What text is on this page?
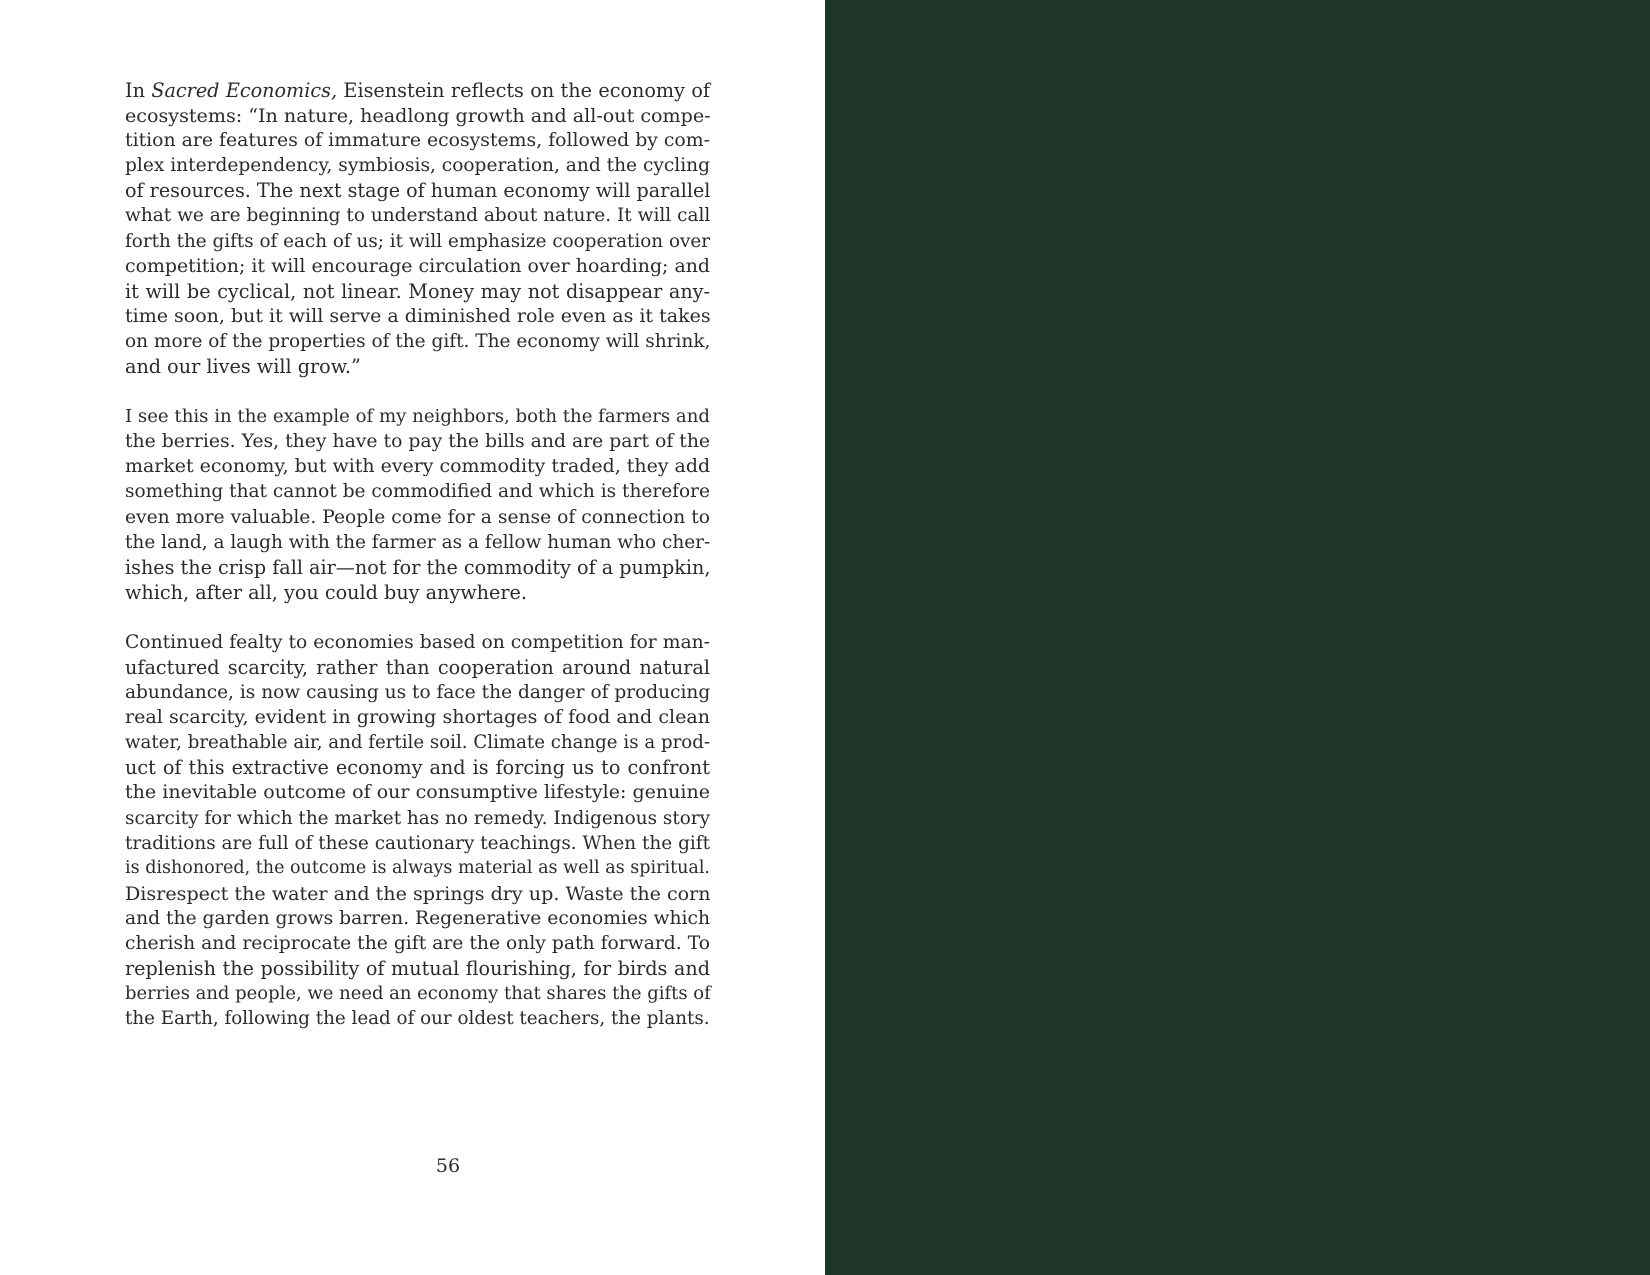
In Sacred Economics, Eisenstein reflects on the economy of
ecosystems: “In nature, headlong growth and all-out compe-
tition are features of immature ecosystems, followed by com-
plex interdependency, symbiosis, cooperation, and the cycling
of resources. The next stage of human economy will parallel
what we are beginning to understand about nature. It will call
forth the gifts of each of us; it will emphasize cooperation over
competition; it will encourage circulation over hoarding; and
it will be cyclical, not linear. Money may not disappear any-
time soon, but it will serve a diminished role even as it takes
on more of the properties of the gift. The economy will shrink,
and our lives will grow.”
I see this in the example of my neighbors, both the farmers and
the berries. Yes, they have to pay the bills and are part of the
market economy, but with every commodity traded, they add
something that cannot be commodified and which is therefore
even more valuable. People come for a sense of connection to
the land, a laugh with the farmer as a fellow human who cher-
ishes the crisp fall air—not for the commodity of a pumpkin,
which, after all, you could buy anywhere.
Continued fealty to economies based on competition for man-
ufactured scarcity, rather than cooperation around natural
abundance, is now causing us to face the danger of producing
real scarcity, evident in growing shortages of food and clean
water, breathable air, and fertile soil. Climate change is a prod-
uct of this extractive economy and is forcing us to confront
the inevitable outcome of our consumptive lifestyle: genuine
scarcity for which the market has no remedy. Indigenous story
traditions are full of these cautionary teachings. When the gift
is dishonored, the outcome is always material as well as spiritual.
Disrespect the water and the springs dry up. Waste the corn
and the garden grows barren. Regenerative economies which
cherish and reciprocate the gift are the only path forward. To
replenish the possibility of mutual flourishing, for birds and
berries and people, we need an economy that shares the gifts of
the Earth, following the lead of our oldest teachers, the plants.
56
